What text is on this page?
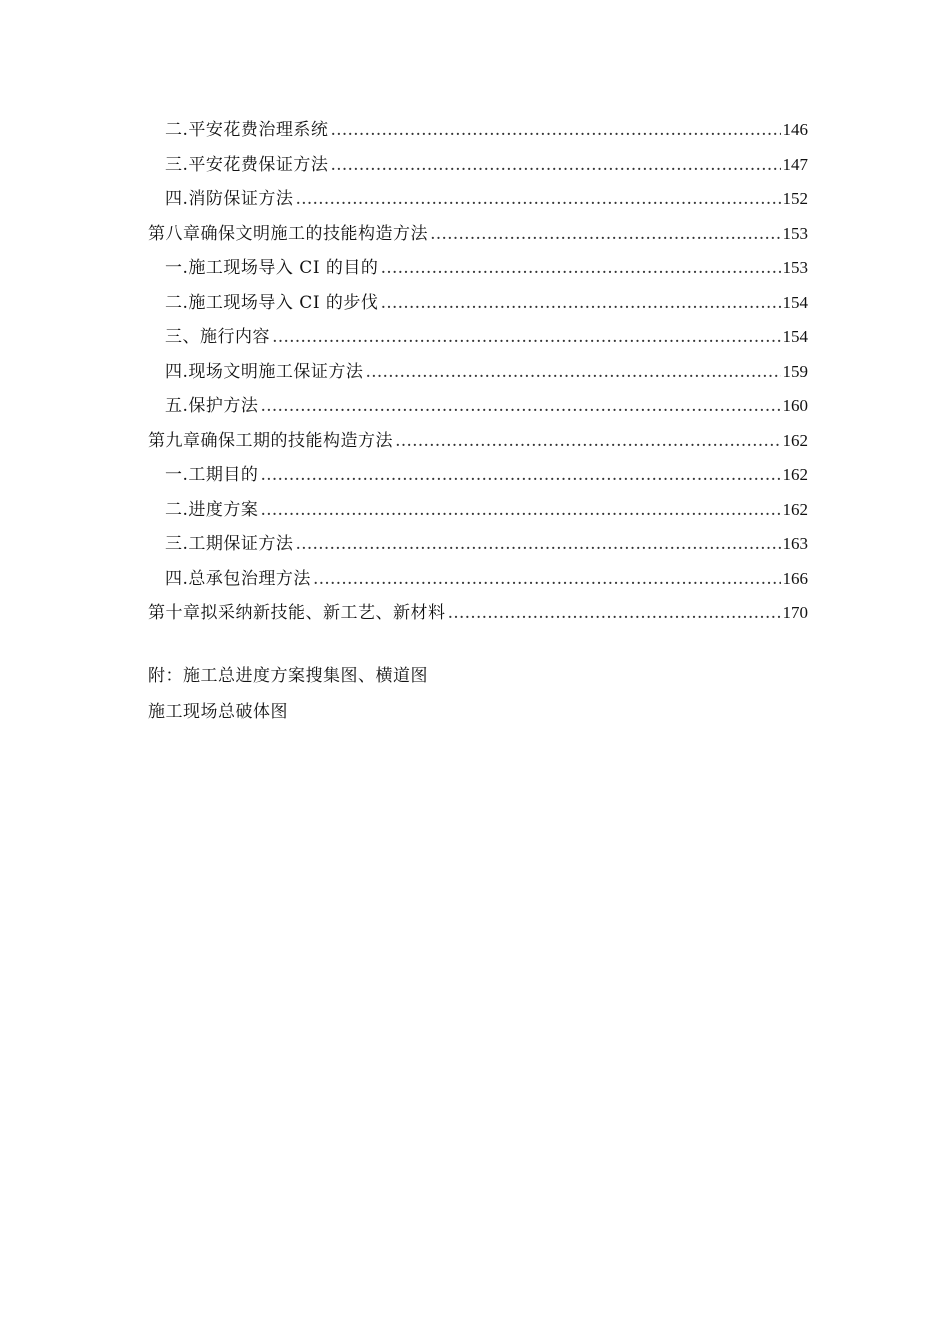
二.平安花费治理系统 …………………………………………………………………………………………………………………………………………………………………………………………	146
三.平安花费保证方法 …………………………………………………………………………………………………………………………………………………………………………………………	147
四.消防保证方法 …………………………………………………………………………………………………………………………………………………………………………………………	152
第八章确保文明施工的技能构造方法 …………………………………………………………………………………………………………………………………………………………………………………………	153
一.施工现场导入 CI 的目的 …………………………………………………………………………………………………………………………………………………………………………………………	153
二.施工现场导入 CI 的步伐 …………………………………………………………………………………………………………………………………………………………………………………………	154
三、施行内容 …………………………………………………………………………………………………………………………………………………………………………………………	154
四.现场文明施工保证方法 …………………………………………………………………………………………………………………………………………………………………………………………	159
五.保护方法 …………………………………………………………………………………………………………………………………………………………………………………………	160
第九章确保工期的技能构造方法 …………………………………………………………………………………………………………………………………………………………………………………………	162
一.工期目的 …………………………………………………………………………………………………………………………………………………………………………………………	162
二.进度方案 …………………………………………………………………………………………………………………………………………………………………………………………	162
三.工期保证方法 …………………………………………………………………………………………………………………………………………………………………………………………	163
四.总承包治理方法 …………………………………………………………………………………………………………………………………………………………………………………………	166
第十章拟采纳新技能、新工艺、新材料 …………………………………………………………………………………………………………………………………………………………………………………………	170
附：施工总进度方案搜集图、横道图
施工现场总破体图
